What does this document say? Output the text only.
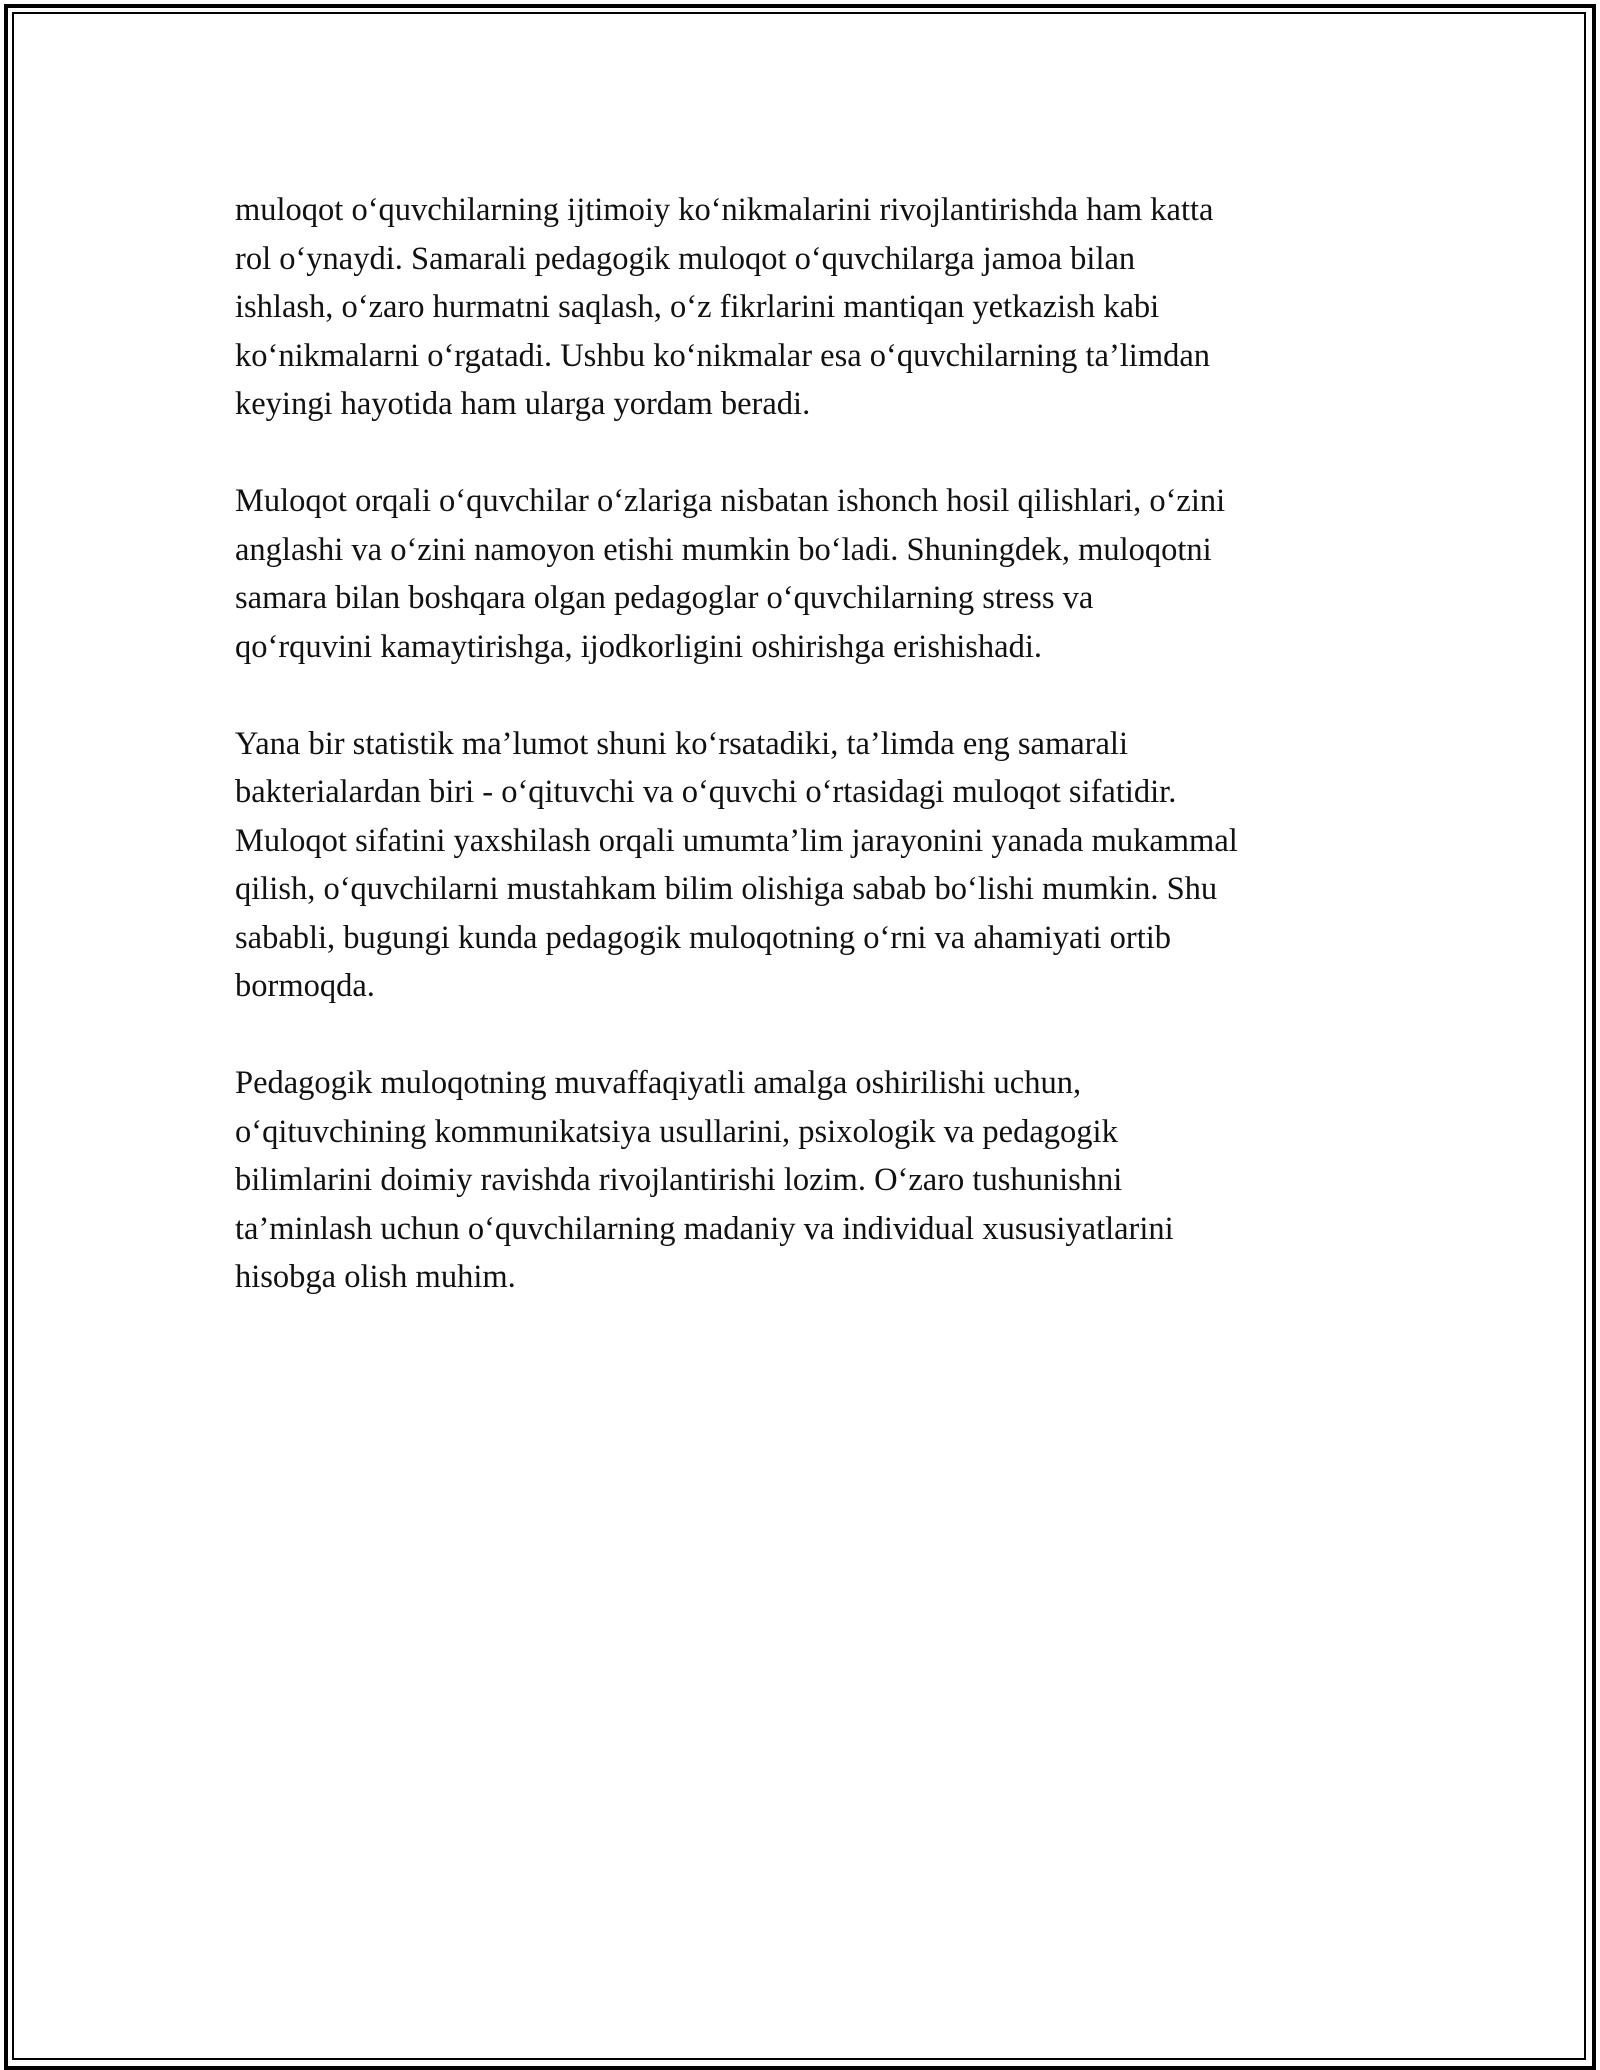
muloqot o‘quvchilarning ijtimoiy ko‘nikmalarini rivojlantirishda ham katta
rol o‘ynaydi. Samarali pedagogik muloqot o‘quvchilarga jamoa bilan
ishlash, o‘zaro hurmatni saqlash, o‘z fikrlarini mantiqan yetkazish kabi
ko‘nikmalarni o‘rgatadi. Ushbu ko‘nikmalar esa o‘quvchilarning ta’limdan
keyingi hayotida ham ularga yordam beradi.

Muloqot orqali o‘quvchilar o‘zlariga nisbatan ishonch hosil qilishlari, o‘zini
anglashi va o‘zini namoyon etishi mumkin bo‘ladi. Shuningdek, muloqotni
samara bilan boshqara olgan pedagoglar o‘quvchilarning stress va
qo‘rquvini kamaytirishga, ijodkorligini oshirishga erishishadi.

Yana bir statistik ma’lumot shuni ko‘rsatadiki, ta’limda eng samarali
bakterialardan biri - o‘qituvchi va o‘quvchi o‘rtasidagi muloqot sifatidir.
Muloqot sifatini yaxshilash orqali umumta’lim jarayonini yanada mukammal
qilish, o‘quvchilarni mustahkam bilim olishiga sabab bo‘lishi mumkin. Shu
sababli, bugungi kunda pedagogik muloqotning o‘rni va ahamiyati ortib
bormoqda.

Pedagogik muloqotning muvaffaqiyatli amalga oshirilishi uchun,
o‘qituvchining kommunikatsiya usullarini, psixologik va pedagogik
bilimlarini doimiy ravishda rivojlantirishi lozim. O‘zaro tushunishni
ta’minlash uchun o‘quvchilarning madaniy va individual xususiyatlarini
hisobga olish muhim.
